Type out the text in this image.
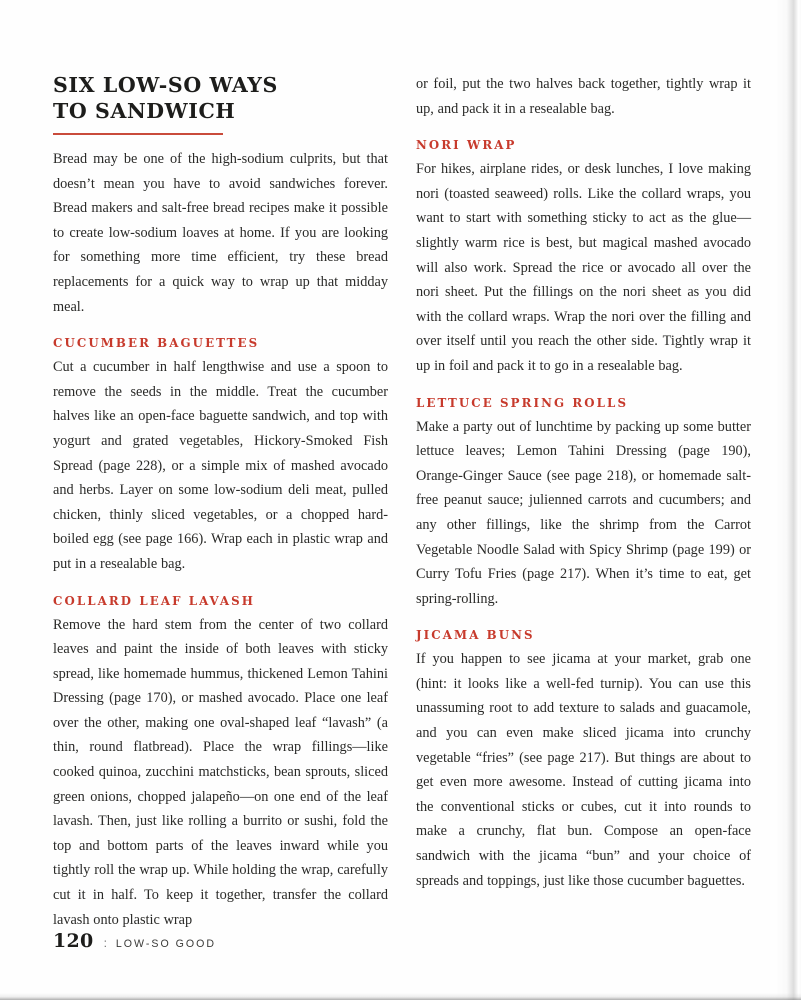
SIX LOW-SO WAYS
TO SANDWICH

Bread may be one of the high-sodium culprits, but that doesn’t mean you have to avoid sandwiches forever. Bread makers and salt-free bread recipes make it possible to create low-sodium loaves at home. If you are looking for something more time efficient, try these bread replacements for a quick way to wrap up that midday meal.

CUCUMBER BAGUETTES

Cut a cucumber in half lengthwise and use a spoon to remove the seeds in the middle. Treat the cucumber halves like an open-face baguette sandwich, and top with yogurt and grated vegetables, Hickory-Smoked Fish Spread (page 228), or a simple mix of mashed avocado and herbs. Layer on some low-sodium deli meat, pulled chicken, thinly sliced vegetables, or a chopped hard-boiled egg (see page 166). Wrap each in plastic wrap and put in a resealable bag.

COLLARD LEAF LAVASH

Remove the hard stem from the center of two collard leaves and paint the inside of both leaves with sticky spread, like homemade hummus, thickened Lemon Tahini Dressing (page 170), or mashed avocado. Place one leaf over the other, making one oval-shaped leaf “lavash” (a thin, round flatbread). Place the wrap fillings—like cooked quinoa, zucchini matchsticks, bean sprouts, sliced green onions, chopped jalapeño—on one end of the leaf lavash. Then, just like rolling a burrito or sushi, fold the top and bottom parts of the leaves inward while you tightly roll the wrap up. While holding the wrap, carefully cut it in half. To keep it together, transfer the collard lavash onto plastic wrap

or foil, put the two halves back together, tightly wrap it up, and pack it in a resealable bag.

NORI WRAP

For hikes, airplane rides, or desk lunches, I love making nori (toasted seaweed) rolls. Like the collard wraps, you want to start with something sticky to act as the glue—slightly warm rice is best, but magical mashed avocado will also work. Spread the rice or avocado all over the nori sheet. Put the fillings on the nori sheet as you did with the collard wraps. Wrap the nori over the filling and over itself until you reach the other side. Tightly wrap it up in foil and pack it to go in a resealable bag.

LETTUCE SPRING ROLLS

Make a party out of lunchtime by packing up some butter lettuce leaves; Lemon Tahini Dressing (page 190), Orange-Ginger Sauce (see page 218), or homemade salt-free peanut sauce; julienned carrots and cucumbers; and any other fillings, like the shrimp from the Carrot Vegetable Noodle Salad with Spicy Shrimp (page 199) or Curry Tofu Fries (page 217). When it’s time to eat, get spring-rolling.

JICAMA BUNS

If you happen to see jicama at your market, grab one (hint: it looks like a well-fed turnip). You can use this unassuming root to add texture to salads and guacamole, and you can even make sliced jicama into crunchy vegetable “fries” (see page 217). But things are about to get even more awesome. Instead of cutting jicama into the conventional sticks or cubes, cut it into rounds to make a crunchy, flat bun. Compose an open-face sandwich with the jicama “bun” and your choice of spreads and toppings, just like those cucumber baguettes.

120 : LOW-SO GOOD
